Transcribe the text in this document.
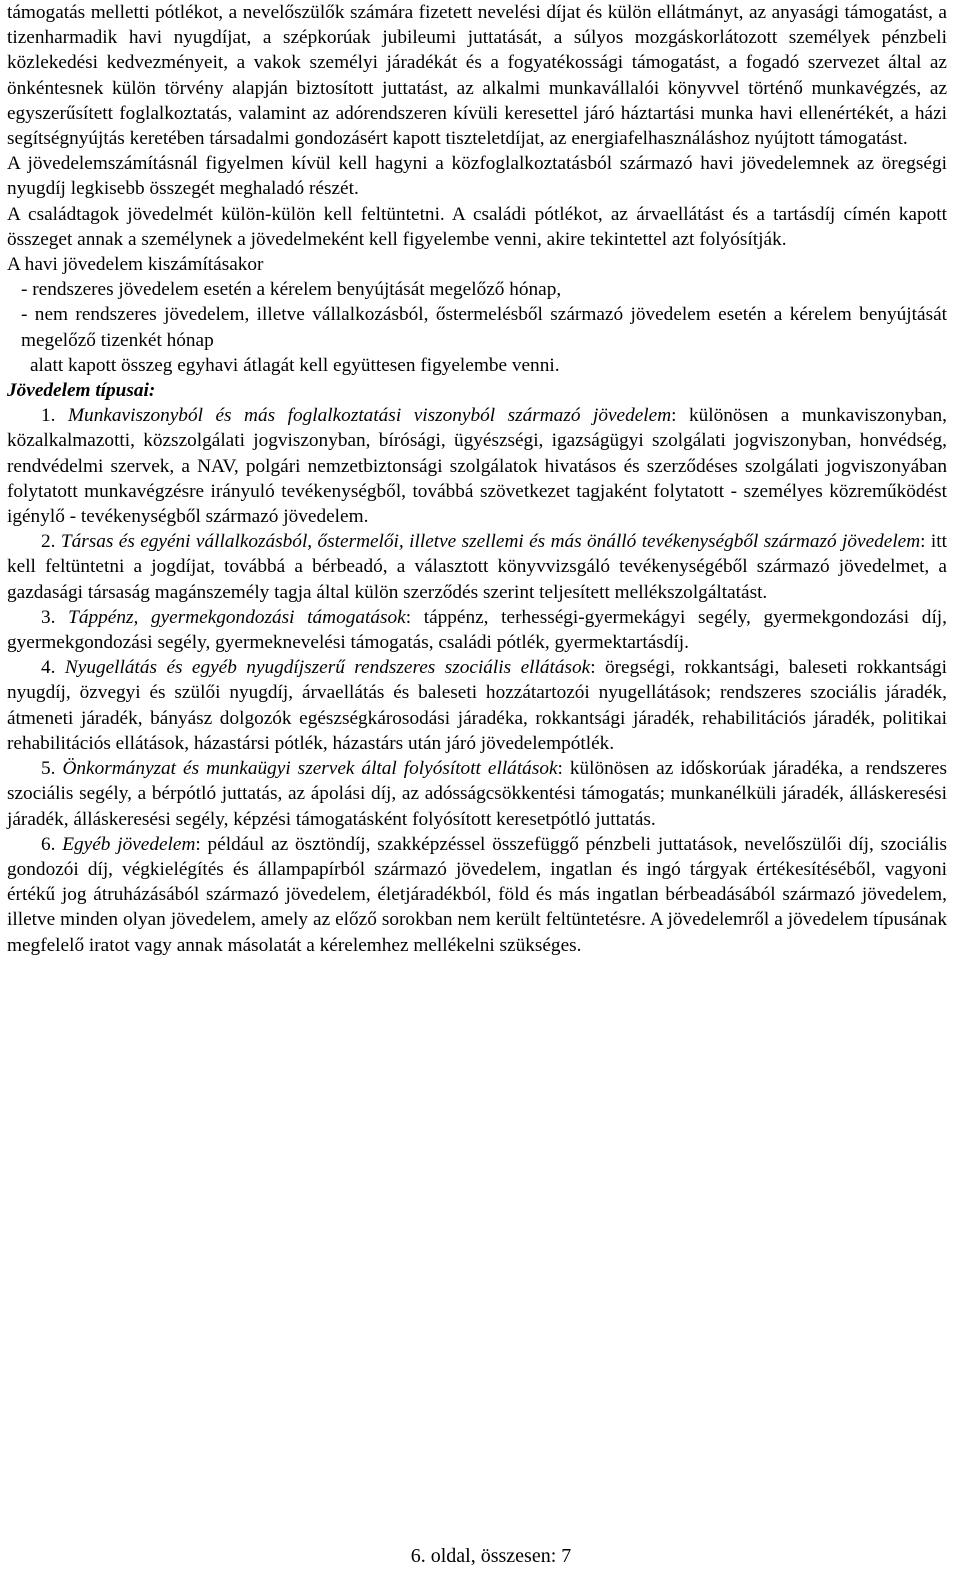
támogatás melletti pótlékot, a nevelőszülők számára fizetett nevelési díjat és külön ellátmányt, az anyasági támogatást, a tizenharmadik havi nyugdíjat, a szépkorúak jubileumi juttatását, a súlyos mozgáskorlátozott személyek pénzbeli közlekedési kedvezményeit, a vakok személyi járadékát és a fogyatékossági támogatást, a fogadó szervezet által az önkéntesnek külön törvény alapján biztosított juttatást, az alkalmi munkavállalói könyvvel történő munkavégzés, az egyszerűsített foglalkoztatás, valamint az adórendszeren kívüli keresettel járó háztartási munka havi ellenértékét, a házi segítségnyújtás keretében társadalmi gondozásért kapott tiszteletdíjat, az energiafelhasználáshoz nyújtott támogatást.

A jövedelemszámításnál figyelmen kívül kell hagyni a közfoglalkoztatásból származó havi jövedelemnek az öregségi nyugdíj legkisebb összegét meghaladó részét.

A családtagok jövedelmét külön-külön kell feltüntetni. A családi pótlékot, az árvaellátást és a tartásdíj címén kapott összeget annak a személynek a jövedelmeként kell figyelembe venni, akire tekintettel azt folyósítják.

A havi jövedelem kiszámításakor

- rendszeres jövedelem esetén a kérelem benyújtását megelőző hónap,

- nem rendszeres jövedelem, illetve vállalkozásból, őstermelésből származó jövedelem esetén a kérelem benyújtását megelőző tizenkét hónap

alatt kapott összeg egyhavi átlagát kell együttesen figyelembe venni.

Jövedelem típusai:

1. Munkaviszonyból és más foglalkoztatási viszonyból származó jövedelem: különösen a munkaviszonyban, közalkalmazotti, közszolgálati jogviszonyban, bírósági, ügyészségi, igazságügyi szolgálati jogviszonyban, honvédség, rendvédelmi szervek, a NAV, polgári nemzetbiztonsági szolgálatok hivatásos és szerződéses szolgálati jogviszonyában folytatott munkavégzésre irányuló tevékenységből, továbbá szövetkezet tagjaként folytatott - személyes közreműködést igénylő - tevékenységből származó jövedelem.

2. Társas és egyéni vállalkozásból, őstermelői, illetve szellemi és más önálló tevékenységből származó jövedelem: itt kell feltüntetni a jogdíjat, továbbá a bérbeadó, a választott könyvvizsgáló tevékenységéből származó jövedelmet, a gazdasági társaság magánszemély tagja által külön szerződés szerint teljesített mellékszolgáltatást.

3. Táppénz, gyermekgondozási támogatások: táppénz, terhességi-gyermekágyi segély, gyermekgondozási díj, gyermekgondozási segély, gyermeknevelési támogatás, családi pótlék, gyermektartásdíj.

4. Nyugellátás és egyéb nyugdíjszerű rendszeres szociális ellátások: öregségi, rokkantsági, baleseti rokkantsági nyugdíj, özvegyi és szülői nyugdíj, árvaellátás és baleseti hozzátartozói nyugellátások; rendszeres szociális járadék, átmeneti járadék, bányász dolgozók egészségkárosodási járadéka, rokkantsági járadék, rehabilitációs járadék, politikai rehabilitációs ellátások, házastársi pótlék, házastárs után járó jövedelempótlék.

5. Önkormányzat és munkaügyi szervek által folyósított ellátások: különösen az időskorúak járadéka, a rendszeres szociális segély, a bérpótló juttatás, az ápolási díj, az adósságcsökkentési támogatás; munkanélküli járadék, álláskeresési járadék, álláskeresési segély, képzési támogatásként folyósított keresetpótló juttatás.

6. Egyéb jövedelem: például az ösztöndíj, szakképzéssel összefüggő pénzbeli juttatások, nevelőszülői díj, szociális gondozói díj, végkielégítés és állampapírból származó jövedelem, ingatlan és ingó tárgyak értékesítéséből, vagyoni értékű jog átruházásából származó jövedelem, életjáradékból, föld és más ingatlan bérbeadásából származó jövedelem, illetve minden olyan jövedelem, amely az előző sorokban nem került feltüntetésre. A jövedelemről a jövedelem típusának megfelelő iratot vagy annak másolatát a kérelemhez mellékelni szükséges.

6. oldal, összesen: 7
